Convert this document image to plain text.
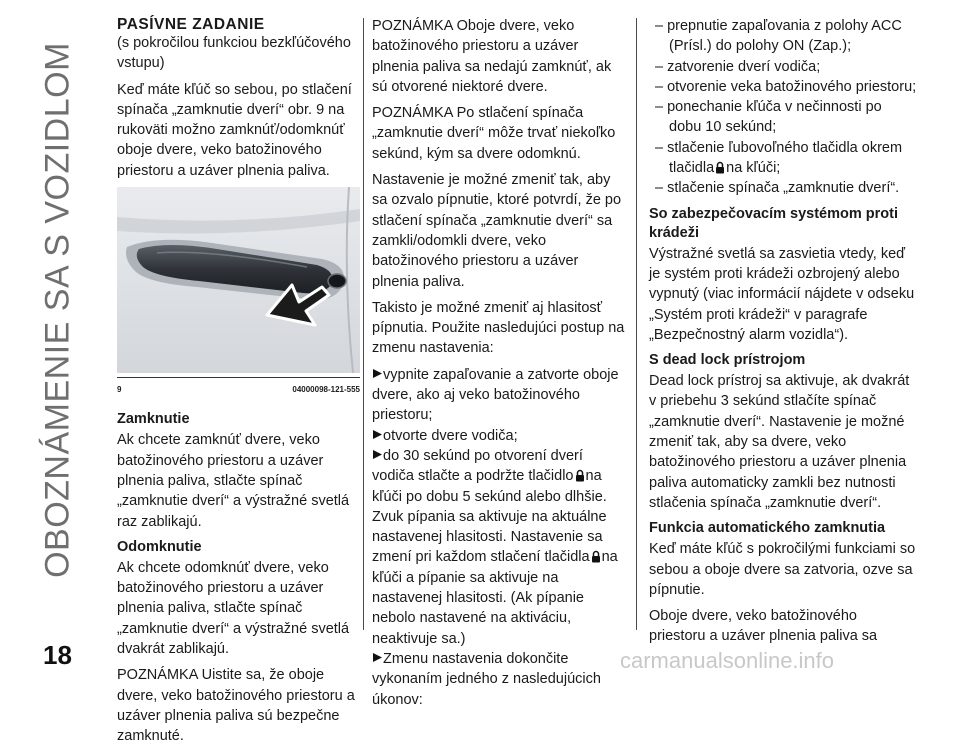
OBOZNÁMENIE SA S VOZIDLOM
18
PASÍVNE ZADANIE

(s pokročilou funkciou bezkľúčového vstupu)

Keď máte kľúč so sebou, po stlačení spínača „zamknutie dverí“ obr. 9 na rukoväti možno zamknúť/odomknúť oboje dvere, veko batožinového priestoru a uzáver plnenia paliva.

9	04000098-121-555
Zamknutie

Ak chcete zamknúť dvere, veko batožinového priestoru a uzáver plnenia paliva, stlačte spínač „zamknutie dverí“ a výstražné svetlá raz zablikajú.

Odomknutie

Ak chcete odomknúť dvere, veko batožinového priestoru a uzáver plnenia paliva, stlačte spínač „zamknutie dverí“ a výstražné svetlá dvakrát zablikajú.

POZNÁMKA Uistite sa, že oboje dvere, veko batožinového priestoru a uzáver plnenia paliva sú bezpečne zamknuté.

POZNÁMKA Oboje dvere, veko batožinového priestoru a uzáver plnenia paliva sa nedajú zamknúť, ak sú otvorené niektoré dvere.

POZNÁMKA Po stlačení spínača „zamknutie dverí“ môže trvať niekoľko sekúnd, kým sa dvere odomknú.

Nastavenie je možné zmeniť tak, aby sa ozvalo pípnutie, ktoré potvrdí, že po stlačení spínača „zamknutie dverí“ sa zamkli/odomkli dvere, veko batožinového priestoru a uzáver plnenia paliva.

Takisto je možné zmeniť aj hlasitosť pípnutia. Použite nasledujúci postup na zmenu nastavenia:

vypnite zapaľovanie a zatvorte oboje dvere, ako aj veko batožinového priestoru;

otvorte dvere vodiča;

do 30 sekúnd po otvorení dverí vodiča stlačte a podržte tlačidlo na kľúči po dobu 5 sekúnd alebo dlhšie. Zvuk pípania sa aktivuje na aktuálne nastavenej hlasitosti. Nastavenie sa zmení pri každom stlačení tlačidla na kľúči a pípanie sa aktivuje na nastavenej hlasitosti. (Ak pípanie nebolo nastavené na aktiváciu, neaktivuje sa.)

Zmenu nastavenia dokončite vykonaním jedného z nasledujúcich úkonov:

– prepnutie zapaľovania z polohy ACC (Prísl.) do polohy ON (Zap.);

– zatvorenie dverí vodiča;

– otvorenie veka batožinového priestoru;

– ponechanie kľúča v nečinnosti po dobu 10 sekúnd;

– stlačenie ľubovoľného tlačidla okrem tlačidla na kľúči;

– stlačenie spínača „zamknutie dverí“.

So zabezpečovacím systémom proti krádeži

Výstražné svetlá sa zasvietia vtedy, keď je systém proti krádeži ozbrojený alebo vypnutý (viac informácií nájdete v odseku „Systém proti krádeži“ v paragrafe „Bezpečnostný alarm vozidla“).

S dead lock prístrojom

Dead lock prístroj sa aktivuje, ak dvakrát v priebehu 3 sekúnd stlačíte spínač „zamknutie dverí“. Nastavenie je možné zmeniť tak, aby sa dvere, veko batožinového priestoru a uzáver plnenia paliva automaticky zamkli bez nutnosti stlačenia spínača „zamknutie dverí“.

Funkcia automatického zamknutia

Keď máte kľúč s pokročilými funkciami so sebou a oboje dvere sa zatvoria, ozve sa pípnutie.

Oboje dvere, veko batožinového priestoru a uzáver plnenia paliva sa

carmanualsonline.info
